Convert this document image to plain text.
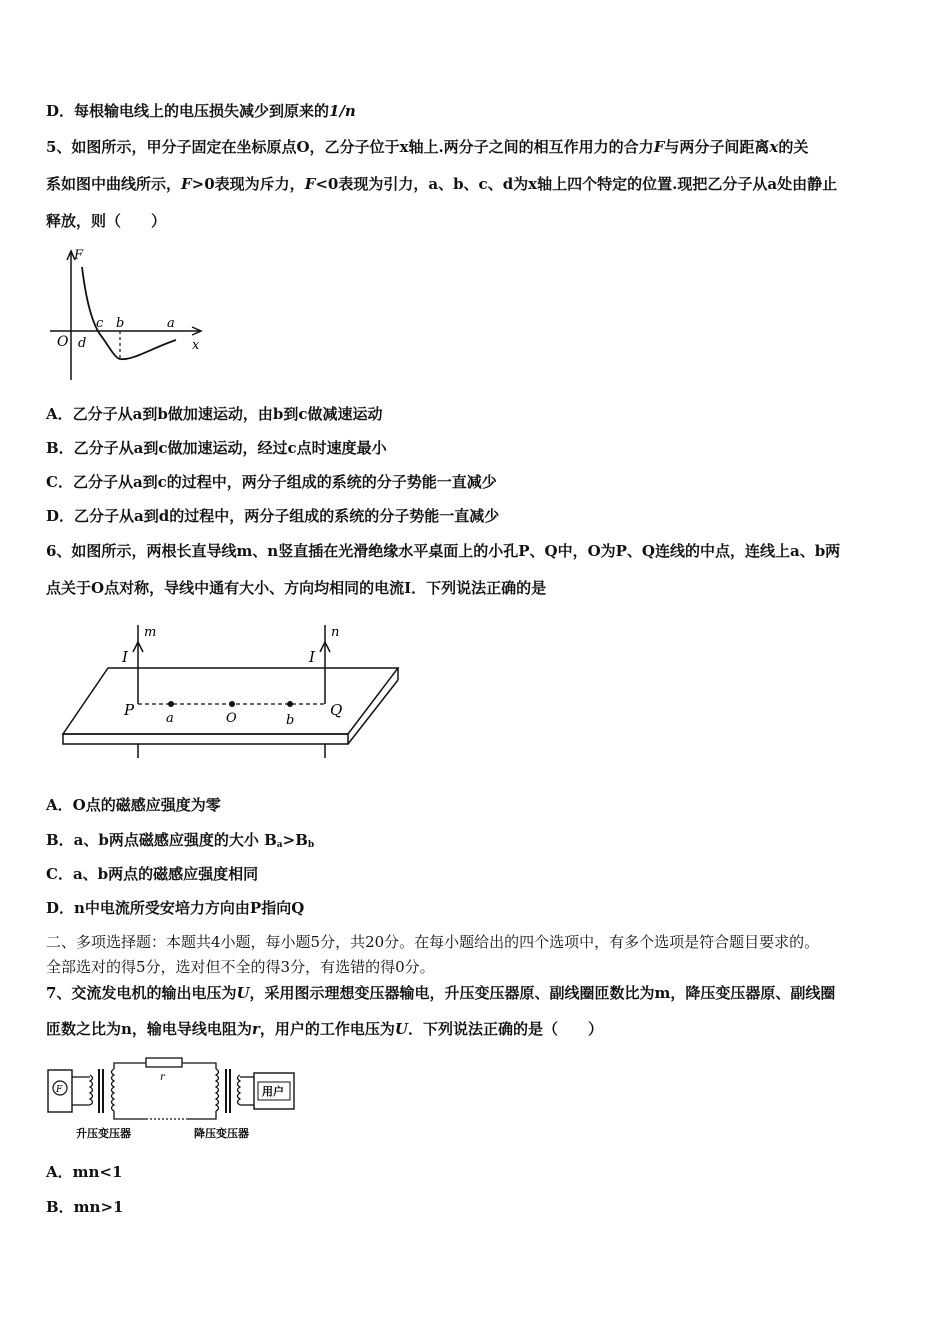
D．每根输电线上的电压损失减少到原来的1/n
5、如图所示，甲分子固定在坐标原点O，乙分子位于x轴上.两分子之间的相互作用力的合力F与两分子间距离x的关
系如图中曲线所示，F>0表现为斥力，F<0表现为引力，a、b、c、d为x轴上四个特定的位置.现把乙分子从a处由静止
释放，则（　　）
F
x
O d
c b	a
A．乙分子从a到b做加速运动，由b到c做减速运动
B．乙分子从a到c做加速运动，经过c点时速度最小
C．乙分子从a到c的过程中，两分子组成的系统的分子势能一直减少
D．乙分子从a到d的过程中，两分子组成的系统的分子势能一直减少
6、如图所示，两根长直导线m、n竖直插在光滑绝缘水平桌面上的小孔P、Q中，O为P、Q连线的中点，连线上a、b两
点关于O点对称，导线中通有大小、方向均相同的电流I．下列说法正确的是
m	n
I	I
P	Q
a	O	b
A．O点的磁感应强度为零
B．a、b两点磁感应强度的大小 $B_a>B_b$
C．a、b两点的磁感应强度相同
D．n中电流所受安培力方向由P指向Q
二、多项选择题：本题共4小题，每小题5分，共20分。在每小题给出的四个选项中，有多个选项是符合题目要求的。
全部选对的得5分，选对但不全的得3分，有选错的得0分。
7、交流发电机的输出电压为U，采用图示理想变压器输电，升压变压器原、副线圈匝数比为m，降压变压器原、副线圈
匝数之比为n，输电导线电阻为r，用户的工作电压为U．下列说法正确的是（　　）
F
r
用户
升压变压器	降压变压器
A．mn<1
B．mn>1
